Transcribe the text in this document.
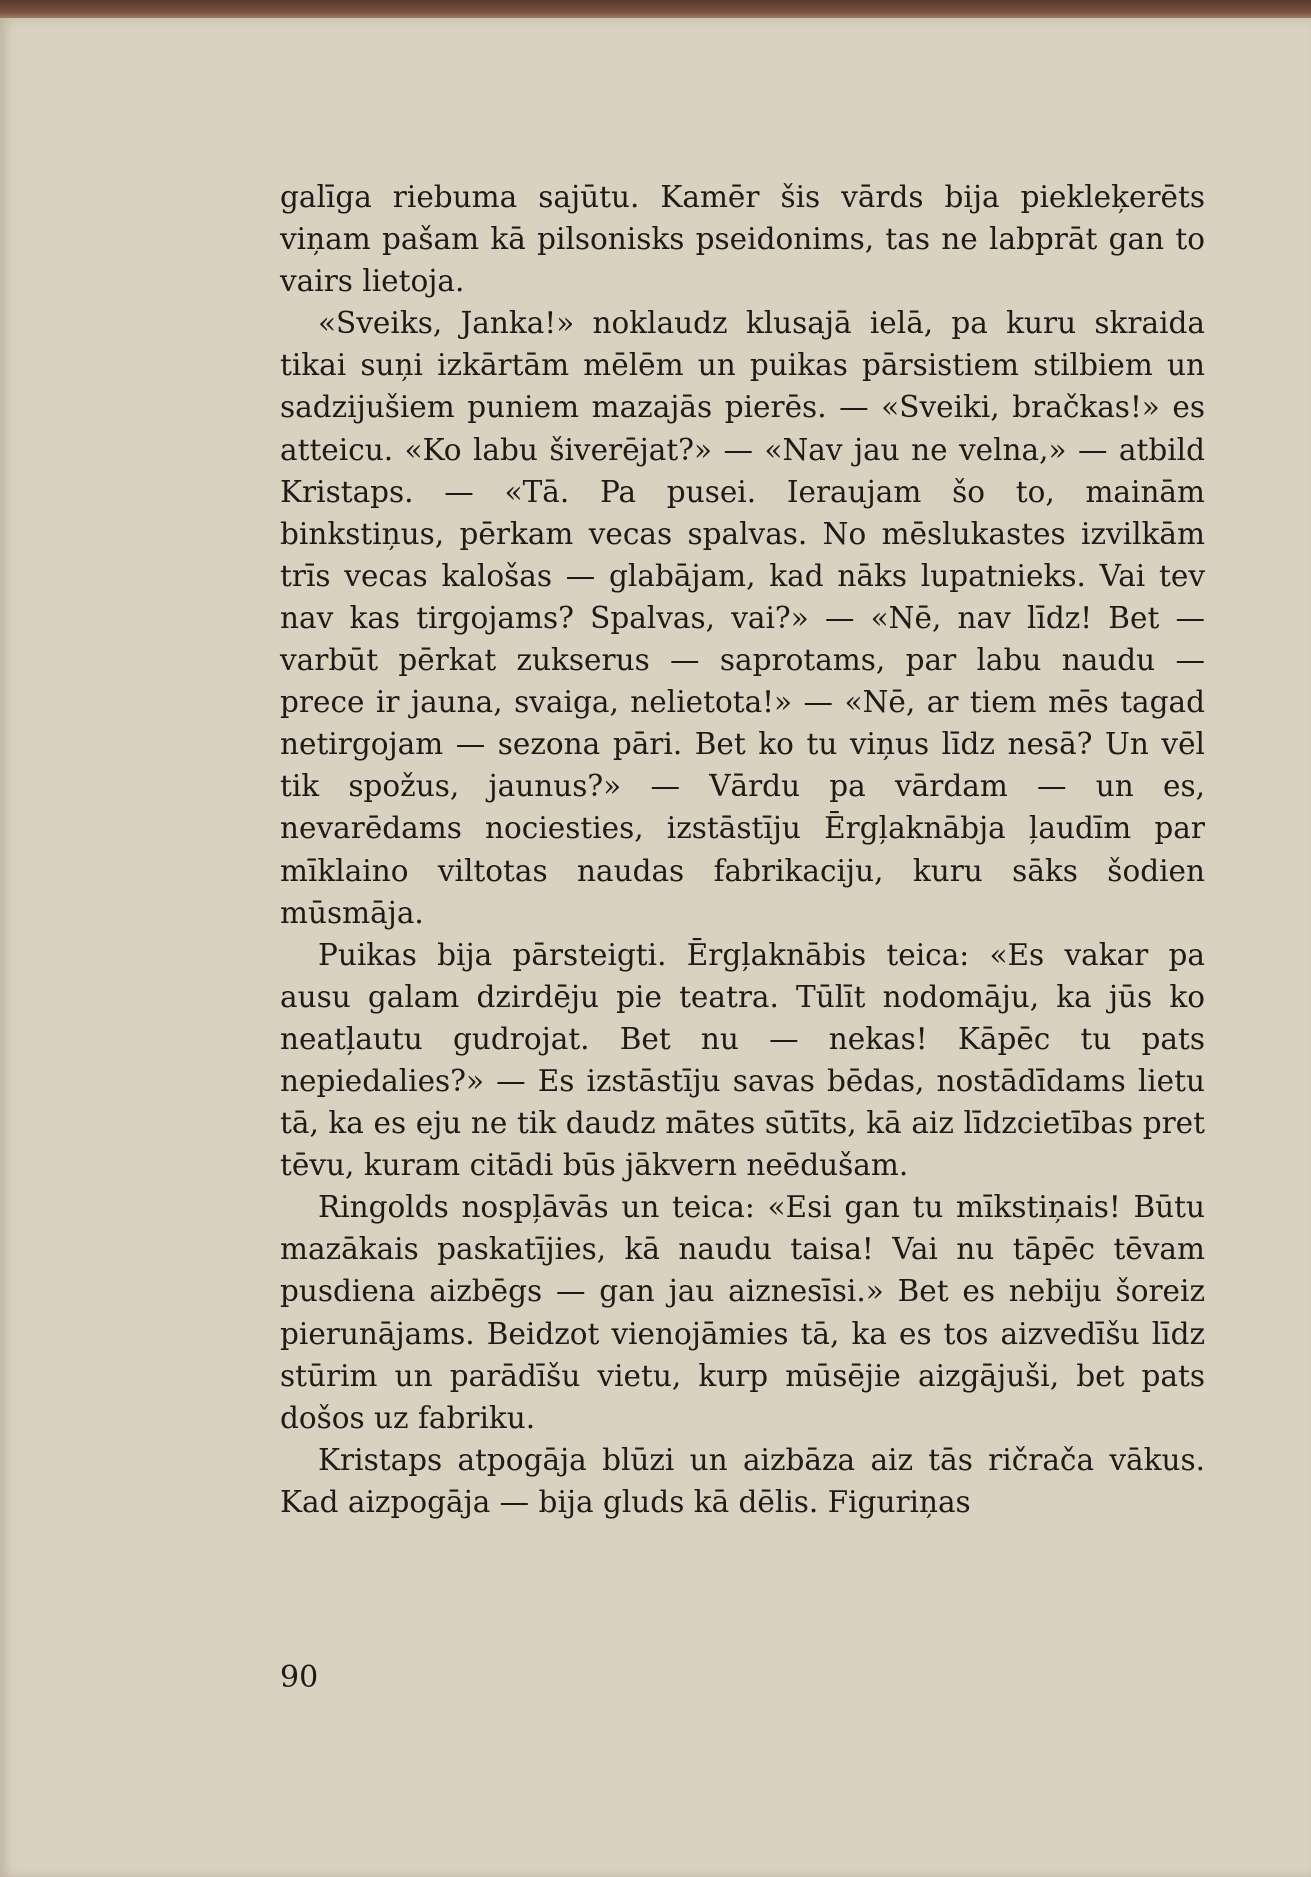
galīga riebuma sajūtu. Kamēr šis vārds bija piekleķerēts viņam pašam kā pilsonisks pseidonims, tas ne labprāt gan to vairs lietoja.

«Sveiks, Janka!» noklaudz klusajā ielā, pa kuru skraida tikai suņi izkārtām mēlēm un puikas pārsistiem stilbiem un sadzijušiem puniem mazajās pierēs. — «Sveiki, bračkas!» es atteicu. «Ko labu šiverējat?» — «Nav jau ne velna,» — atbild Kristaps. — «Tā. Pa pusei. Ieraujam šo to, mainām binkstiņus, pērkam vecas spalvas. No mēslukastes izvilkām trīs vecas kalošas — glabājam, kad nāks lupatnieks. Vai tev nav kas tirgojams? Spalvas, vai?» — «Nē, nav līdz! Bet — varbūt pērkat zukserus — saprotams, par labu naudu — prece ir jauna, svaiga, nelietota!» — «Nē, ar tiem mēs tagad netirgojam — sezona pāri. Bet ko tu viņus līdz nesā? Un vēl tik spožus, jaunus?» — Vārdu pa vārdam — un es, nevarēdams nociesties, izstāstīju Ērgļaknābja ļaudīm par mīklaino viltotas naudas fabrikaciju, kuru sāks šodien mūsmāja.

Puikas bija pārsteigti. Ērgļaknābis teica: «Es vakar pa ausu galam dzirdēju pie teatra. Tūlīt nodomāju, ka jūs ko neatļautu gudrojat. Bet nu — nekas! Kāpēc tu pats nepiedalies?» — Es izstāstīju savas bēdas, nostādīdams lietu tā, ka es eju ne tik daudz mātes sūtīts, kā aiz līdzcietības pret tēvu, kuram citādi būs jākvern neēdušam.

Ringolds nospļāvās un teica: «Esi gan tu mīkstiņais! Būtu mazākais paskatījies, kā naudu taisa! Vai nu tāpēc tēvam pusdiena aizbēgs — gan jau aiznesīsi.» Bet es nebiju šoreiz pierunājams. Beidzot vienojāmies tā, ka es tos aizvedīšu līdz stūrim un parādīšu vietu, kurp mūsējie aizgājuši, bet pats došos uz fabriku.

Kristaps atpogāja blūzi un aizbāza aiz tās ričrača vākus. Kad aizpogāja — bija gluds kā dēlis. Figuriņas

90
